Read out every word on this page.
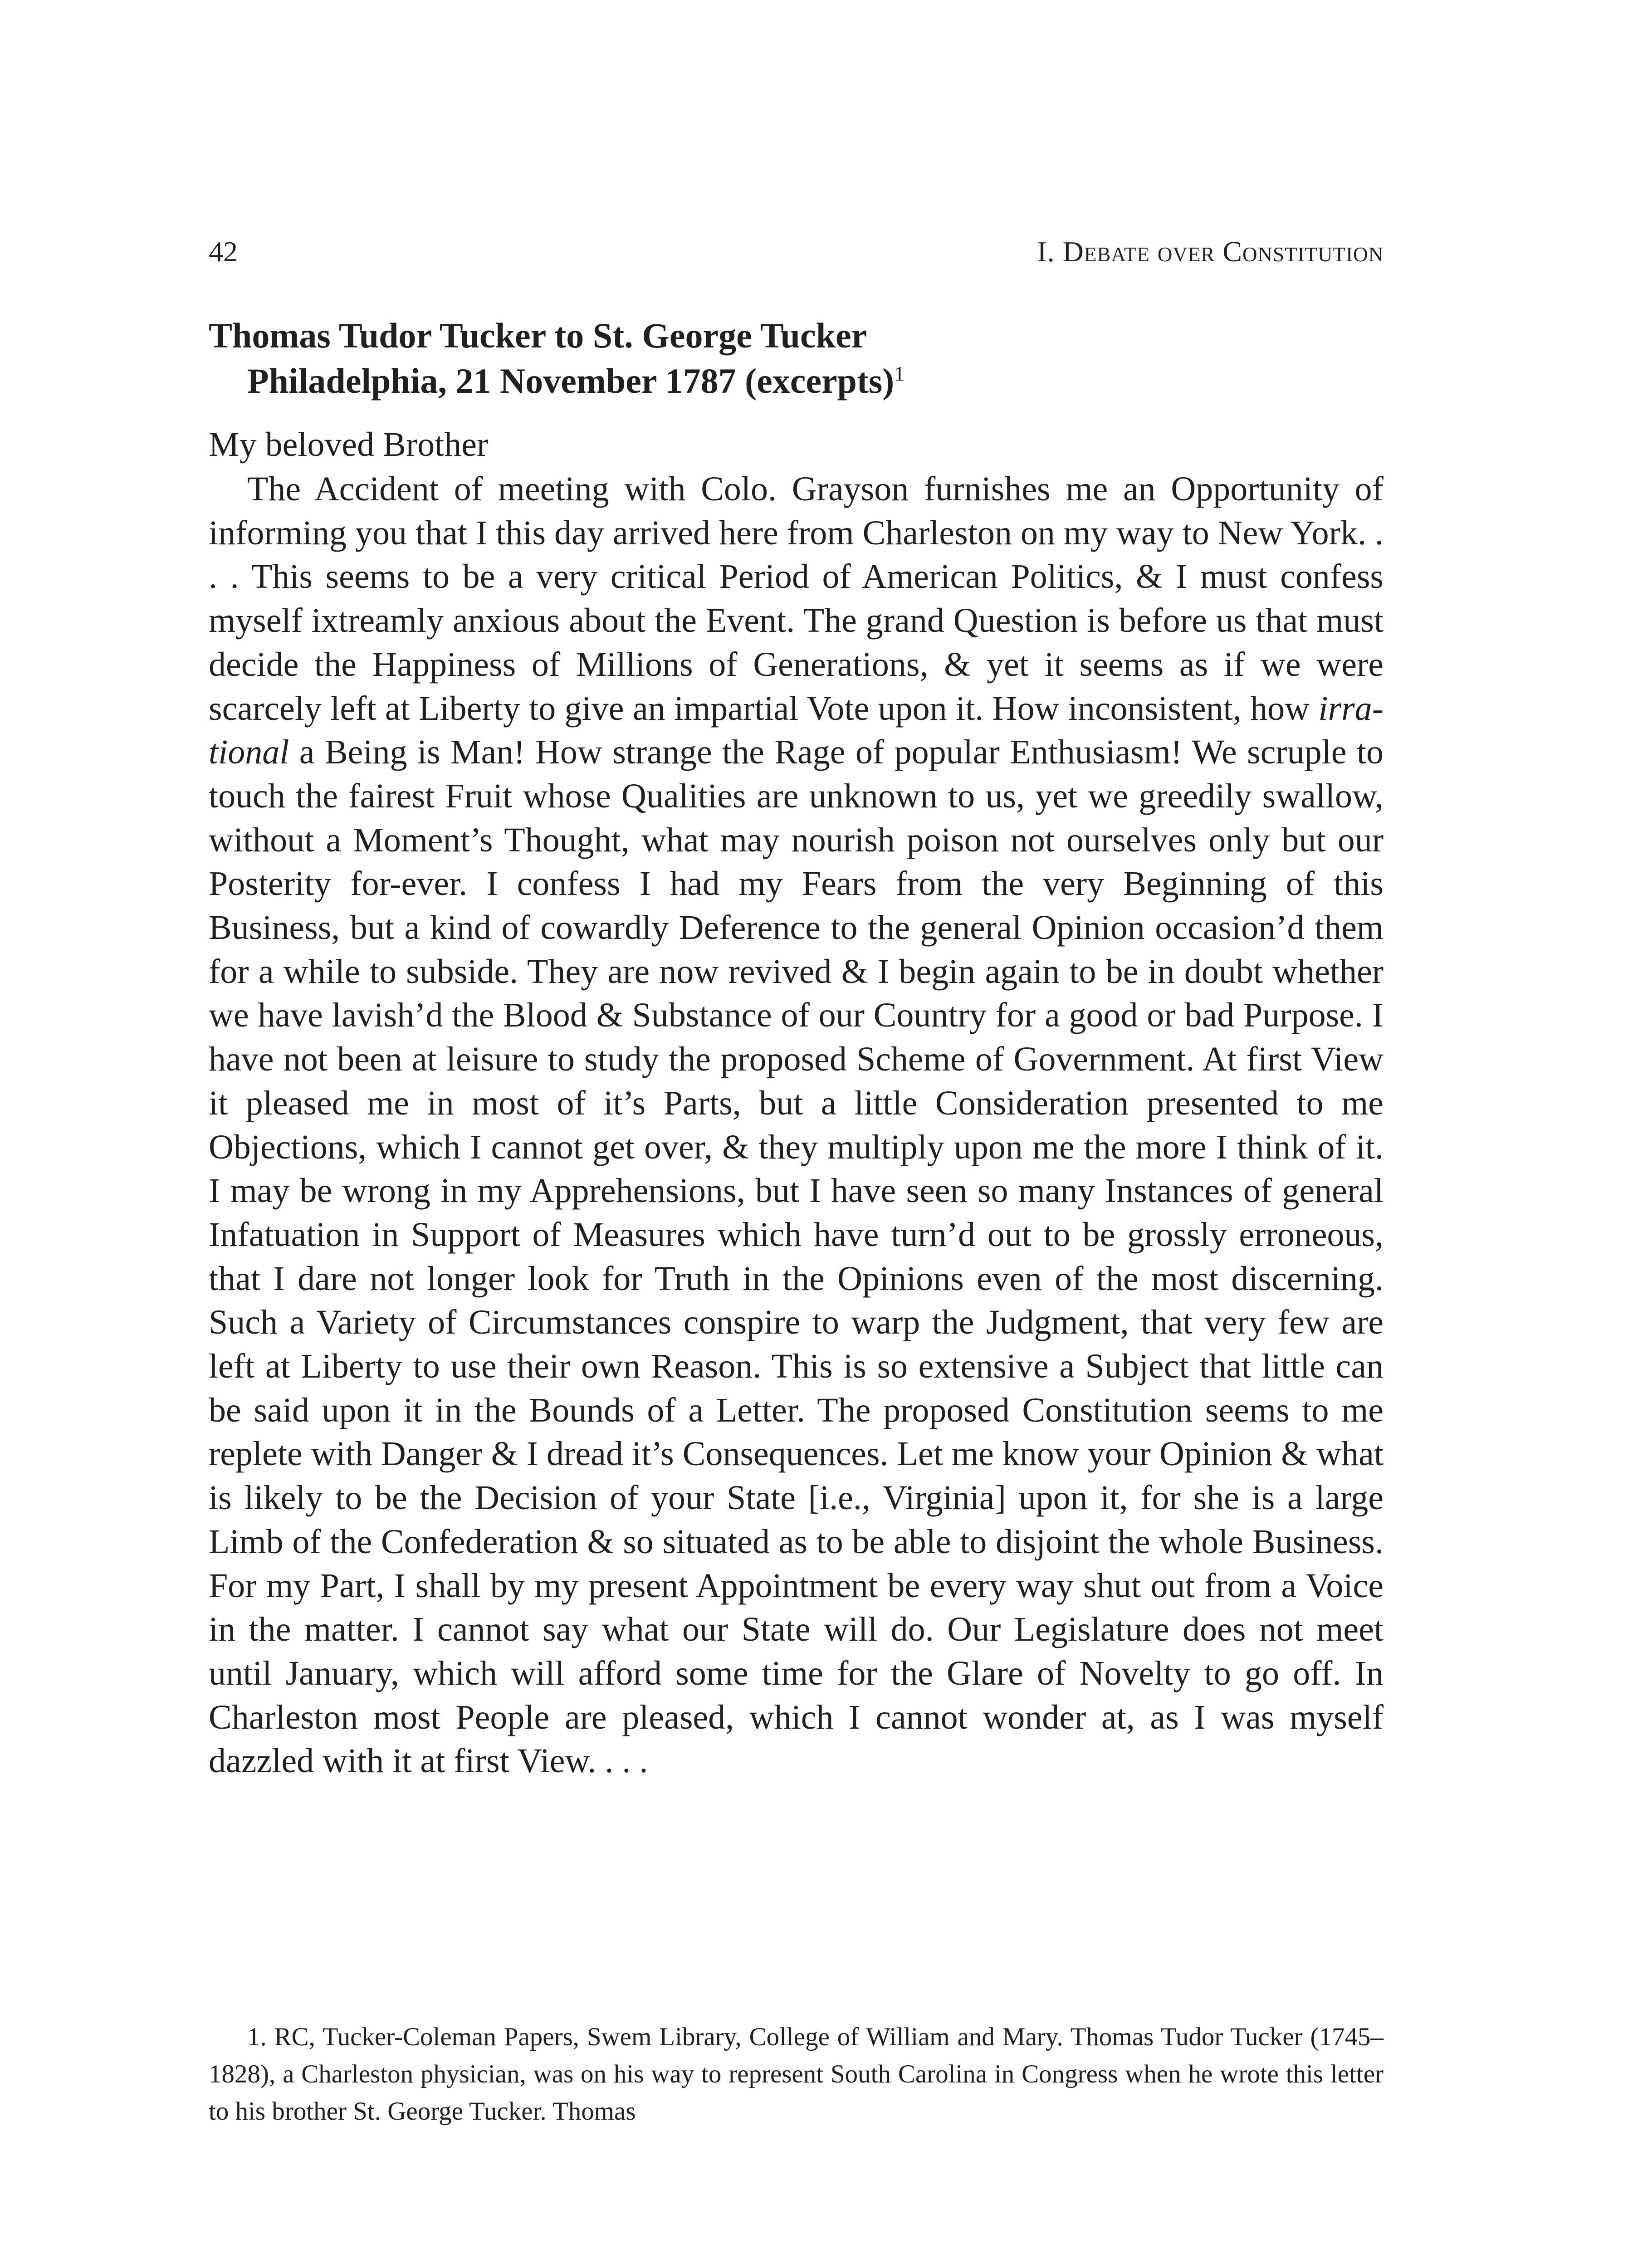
42	I. Debate over Constitution
Thomas Tudor Tucker to St. George Tucker
Philadelphia, 21 November 1787 (excerpts)$^1$
My beloved Brother

The Accident of meeting with Colo. Grayson furnishes me an Opportunity of informing you that I this day arrived here from Charleston on my way to New York. . . . This seems to be a very critical Period of American Politics, & I must confess myself ixtreamly anxious about the Event. The grand Question is before us that must decide the Happiness of Millions of Generations, & yet it seems as if we were scarcely left at Liberty to give an impartial Vote upon it. How inconsistent, how irrational a Being is Man! How strange the Rage of popular Enthusiasm! We scruple to touch the fairest Fruit whose Qualities are unknown to us, yet we greedily swallow, without a Moment’s Thought, what may nourish poison not ourselves only but our Posterity for-ever. I confess I had my Fears from the very Beginning of this Business, but a kind of cowardly Deference to the general Opinion occasion’d them for a while to subside. They are now revived & I begin again to be in doubt whether we have lavish’d the Blood & Substance of our Country for a good or bad Purpose. I have not been at leisure to study the proposed Scheme of Government. At first View it pleased me in most of it’s Parts, but a little Consideration presented to me Objections, which I cannot get over, & they multiply upon me the more I think of it. I may be wrong in my Apprehensions, but I have seen so many Instances of general Infatuation in Support of Measures which have turn’d out to be grossly erroneous, that I dare not longer look for Truth in the Opinions even of the most discerning. Such a Variety of Circumstances conspire to warp the Judgment, that very few are left at Liberty to use their own Reason. This is so extensive a Subject that little can be said upon it in the Bounds of a Letter. The proposed Constitution seems to me replete with Danger & I dread it’s Consequences. Let me know your Opinion & what is likely to be the Decision of your State [i.e., Virginia] upon it, for she is a large Limb of the Confederation & so situated as to be able to disjoint the whole Business. For my Part, I shall by my present Appointment be every way shut out from a Voice in the matter. I cannot say what our State will do. Our Legislature does not meet until January, which will afford some time for the Glare of Novelty to go off. In Charleston most People are pleased, which I cannot wonder at, as I was myself dazzled with it at first View. . . .

1. RC, Tucker-Coleman Papers, Swem Library, College of William and Mary. Thomas Tudor Tucker (1745–1828), a Charleston physician, was on his way to represent South Carolina in Congress when he wrote this letter to his brother St. George Tucker. Thomas
